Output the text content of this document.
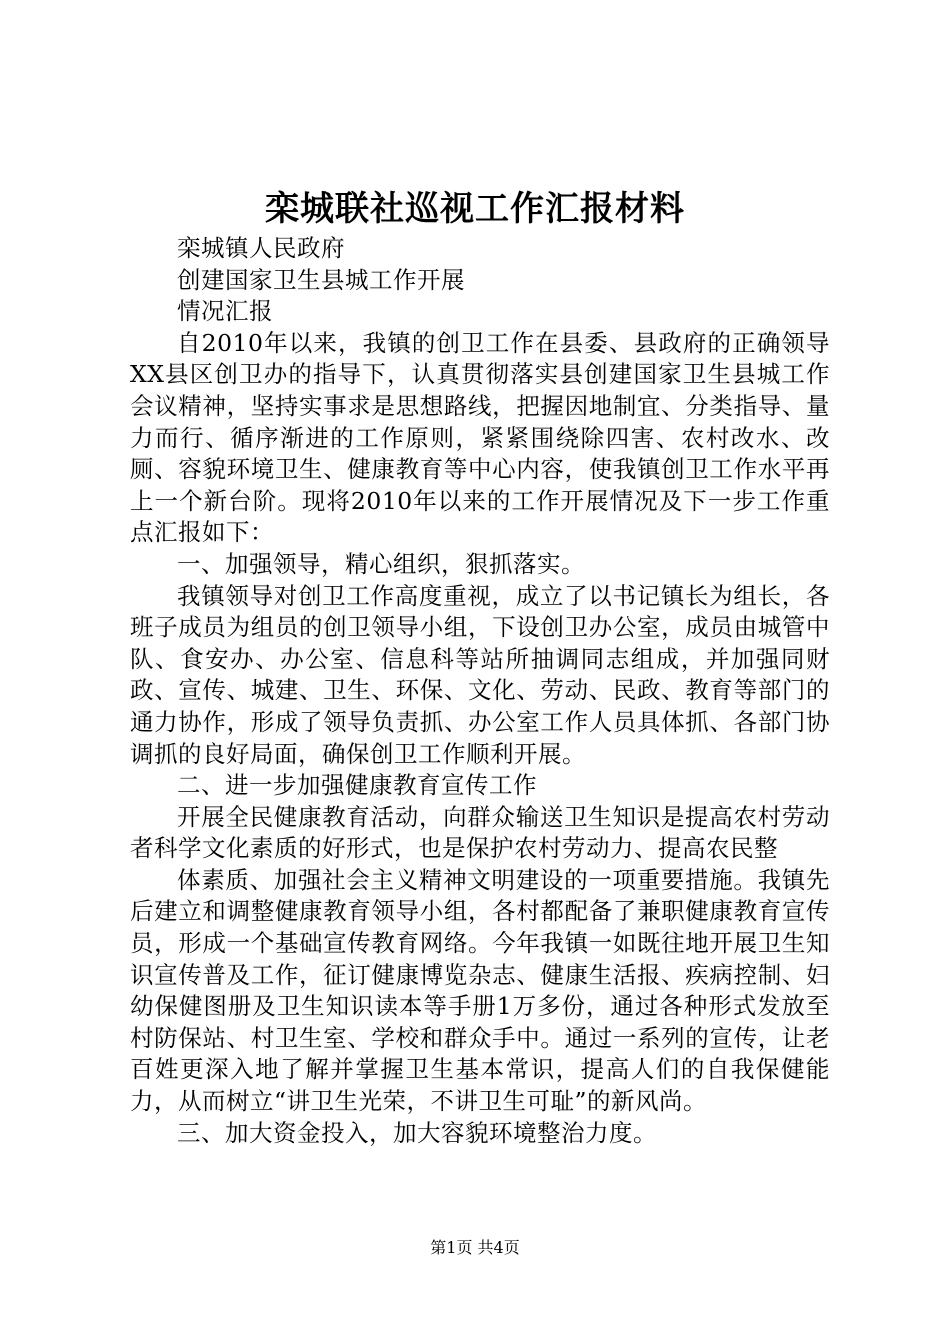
栾城联社巡视工作汇报材料

栾城镇人民政府

创建国家卫生县城工作开展

情况汇报

自2010年以来，我镇的创卫工作在县委、县政府的正确领导XX县区创卫办的指导下，认真贯彻落实县创建国家卫生县城工作会议精神，坚持实事求是思想路线，把握因地制宜、分类指导、量力而行、循序渐进的工作原则，紧紧围绕除四害、农村改水、改厕、容貌环境卫生、健康教育等中心内容，使我镇创卫工作水平再上一个新台阶。现将2010年以来的工作开展情况及下一步工作重点汇报如下：

一、加强领导，精心组织，狠抓落实。

我镇领导对创卫工作高度重视，成立了以书记镇长为组长，各班子成员为组员的创卫领导小组，下设创卫办公室，成员由城管中队、食安办、办公室、信息科等站所抽调同志组成，并加强同财政、宣传、城建、卫生、环保、文化、劳动、民政、教育等部门的通力协作，形成了领导负责抓、办公室工作人员具体抓、各部门协调抓的良好局面，确保创卫工作顺利开展。

二、进一步加强健康教育宣传工作

开展全民健康教育活动，向群众输送卫生知识是提高农村劳动者科学文化素质的好形式，也是保护农村劳动力、提高农民整

体素质、加强社会主义精神文明建设的一项重要措施。我镇先后建立和调整健康教育领导小组，各村都配备了兼职健康教育宣传员，形成一个基础宣传教育网络。今年我镇一如既往地开展卫生知识宣传普及工作，征订健康博览杂志、健康生活报、疾病控制、妇幼保健图册及卫生知识读本等手册1万多份，通过各种形式发放至村防保站、村卫生室、学校和群众手中。通过一系列的宣传，让老百姓更深入地了解并掌握卫生基本常识，提高人们的自我保健能力，从而树立“讲卫生光荣，不讲卫生可耻”的新风尚。

三、加大资金投入，加大容貌环境整治力度。

第1页 共4页
